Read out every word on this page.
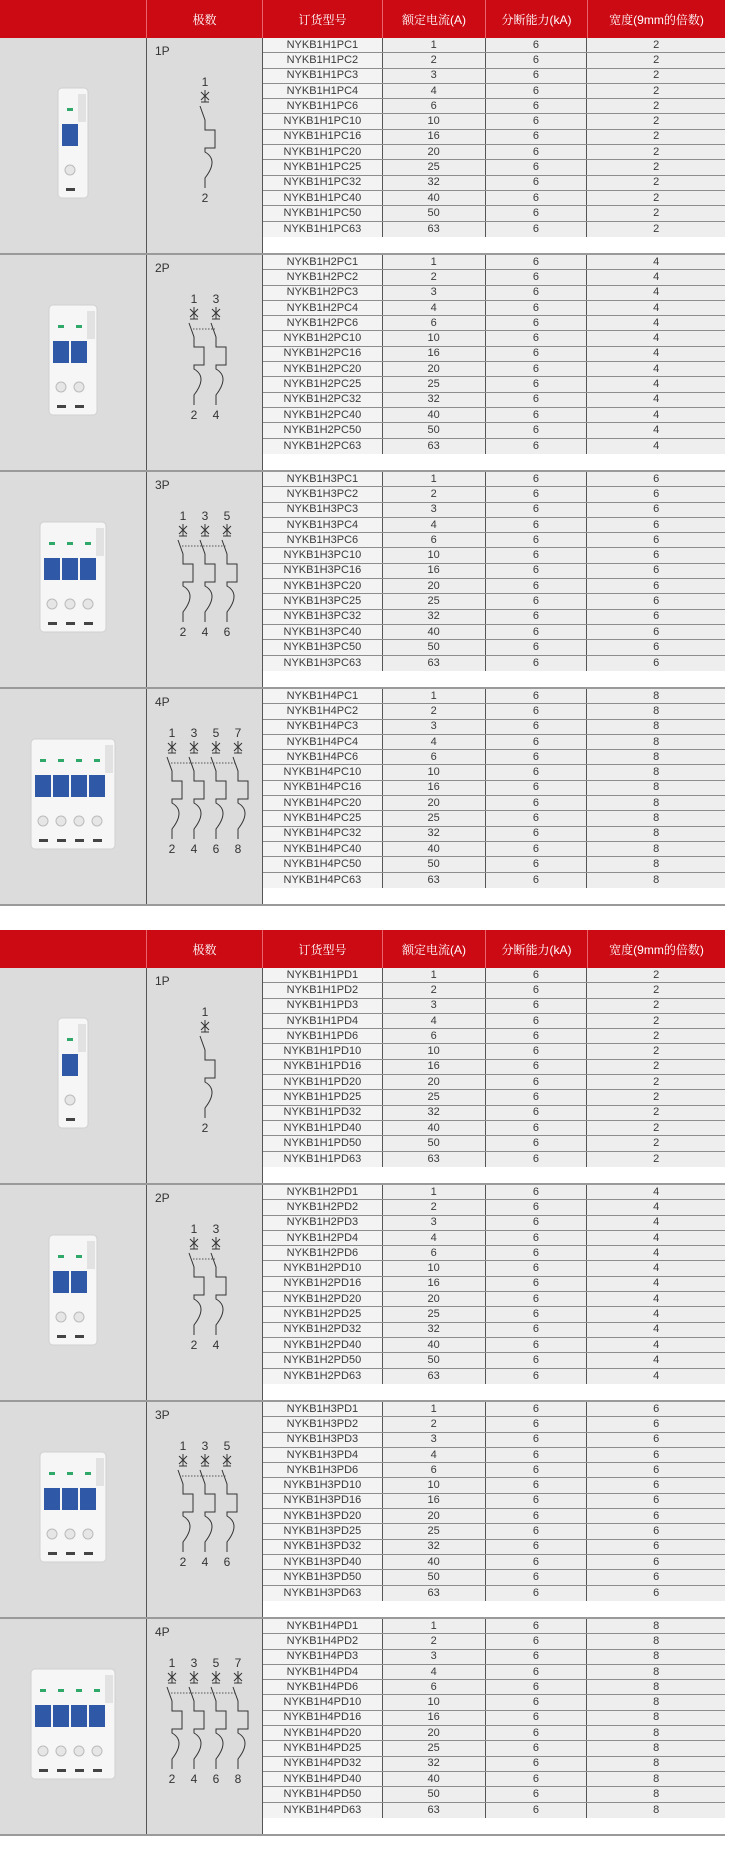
极数	订货型号	额定电流(A)	分断能力(kA)	宽度(9mm的倍数)
1P
1
2
NYKB1H1PC1	1	6	2
NYKB1H1PC2	2	6	2
NYKB1H1PC3	3	6	2
NYKB1H1PC4	4	6	2
NYKB1H1PC6	6	6	2
NYKB1H1PC10	10	6	2
NYKB1H1PC16	16	6	2
NYKB1H1PC20	20	6	2
NYKB1H1PC25	25	6	2
NYKB1H1PC32	32	6	2
NYKB1H1PC40	40	6	2
NYKB1H1PC50	50	6	2
NYKB1H1PC63	63	6	2
2P
1
2
3
4
NYKB1H2PC1	1	6	4
NYKB1H2PC2	2	6	4
NYKB1H2PC3	3	6	4
NYKB1H2PC4	4	6	4
NYKB1H2PC6	6	6	4
NYKB1H2PC10	10	6	4
NYKB1H2PC16	16	6	4
NYKB1H2PC20	20	6	4
NYKB1H2PC25	25	6	4
NYKB1H2PC32	32	6	4
NYKB1H2PC40	40	6	4
NYKB1H2PC50	50	6	4
NYKB1H2PC63	63	6	4
3P
1
2
3
4
5
6
NYKB1H3PC1	1	6	6
NYKB1H3PC2	2	6	6
NYKB1H3PC3	3	6	6
NYKB1H3PC4	4	6	6
NYKB1H3PC6	6	6	6
NYKB1H3PC10	10	6	6
NYKB1H3PC16	16	6	6
NYKB1H3PC20	20	6	6
NYKB1H3PC25	25	6	6
NYKB1H3PC32	32	6	6
NYKB1H3PC40	40	6	6
NYKB1H3PC50	50	6	6
NYKB1H3PC63	63	6	6
4P
1
2
3
4
5
6
7
8
NYKB1H4PC1	1	6	8
NYKB1H4PC2	2	6	8
NYKB1H4PC3	3	6	8
NYKB1H4PC4	4	6	8
NYKB1H4PC6	6	6	8
NYKB1H4PC10	10	6	8
NYKB1H4PC16	16	6	8
NYKB1H4PC20	20	6	8
NYKB1H4PC25	25	6	8
NYKB1H4PC32	32	6	8
NYKB1H4PC40	40	6	8
NYKB1H4PC50	50	6	8
NYKB1H4PC63	63	6	8
极数	订货型号	额定电流(A)	分断能力(kA)	宽度(9mm的倍数)
1P
1
2
NYKB1H1PD1	1	6	2
NYKB1H1PD2	2	6	2
NYKB1H1PD3	3	6	2
NYKB1H1PD4	4	6	2
NYKB1H1PD6	6	6	2
NYKB1H1PD10	10	6	2
NYKB1H1PD16	16	6	2
NYKB1H1PD20	20	6	2
NYKB1H1PD25	25	6	2
NYKB1H1PD32	32	6	2
NYKB1H1PD40	40	6	2
NYKB1H1PD50	50	6	2
NYKB1H1PD63	63	6	2
2P
1
2
3
4
NYKB1H2PD1	1	6	4
NYKB1H2PD2	2	6	4
NYKB1H2PD3	3	6	4
NYKB1H2PD4	4	6	4
NYKB1H2PD6	6	6	4
NYKB1H2PD10	10	6	4
NYKB1H2PD16	16	6	4
NYKB1H2PD20	20	6	4
NYKB1H2PD25	25	6	4
NYKB1H2PD32	32	6	4
NYKB1H2PD40	40	6	4
NYKB1H2PD50	50	6	4
NYKB1H2PD63	63	6	4
3P
1
2
3
4
5
6
NYKB1H3PD1	1	6	6
NYKB1H3PD2	2	6	6
NYKB1H3PD3	3	6	6
NYKB1H3PD4	4	6	6
NYKB1H3PD6	6	6	6
NYKB1H3PD10	10	6	6
NYKB1H3PD16	16	6	6
NYKB1H3PD20	20	6	6
NYKB1H3PD25	25	6	6
NYKB1H3PD32	32	6	6
NYKB1H3PD40	40	6	6
NYKB1H3PD50	50	6	6
NYKB1H3PD63	63	6	6
4P
1
2
3
4
5
6
7
8
NYKB1H4PD1	1	6	8
NYKB1H4PD2	2	6	8
NYKB1H4PD3	3	6	8
NYKB1H4PD4	4	6	8
NYKB1H4PD6	6	6	8
NYKB1H4PD10	10	6	8
NYKB1H4PD16	16	6	8
NYKB1H4PD20	20	6	8
NYKB1H4PD25	25	6	8
NYKB1H4PD32	32	6	8
NYKB1H4PD40	40	6	8
NYKB1H4PD50	50	6	8
NYKB1H4PD63	63	6	8
